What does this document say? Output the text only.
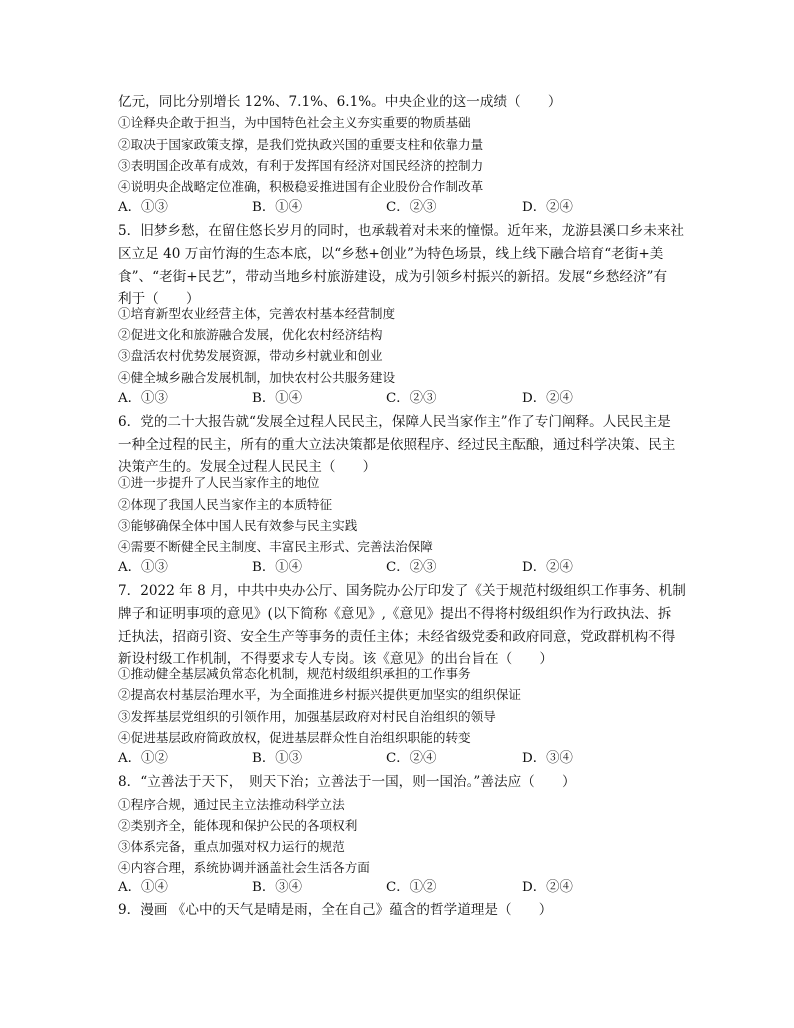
亿元，同比分别增长 12%、7.1%、6.1%。中央企业的这一成绩（　　）
①诠释央企敢于担当，为中国特色社会主义夯实重要的物质基础
②取决于国家政策支撑，是我们党执政兴国的重要支柱和依靠力量
③表明国企改革有成效，有利于发挥国有经济对国民经济的控制力
④说明央企战略定位准确，积极稳妥推进国有企业股份合作制改革
A．①③	B．①④	C．②③	D．②④
5．旧梦乡愁，在留住悠长岁月的同时，也承载着对未来的憧憬。近年来，龙游县溪口乡未来社
区立足 40 万亩竹海的生态本底，以“乡愁+创业”为特色场景，线上线下融合培育“老街+美
食”、“老街+民艺”，带动当地乡村旅游建设，成为引领乡村振兴的新招。发展“乡愁经济”有
利于（　　）
①培育新型农业经营主体，完善农村基本经营制度
②促进文化和旅游融合发展，优化农村经济结构
③盘活农村优势发展资源，带动乡村就业和创业
④健全城乡融合发展机制，加快农村公共服务建设
A．①③	B．①④	C．②③	D．②④
6．党的二十大报告就“发展全过程人民民主，保障人民当家作主”作了专门阐释。人民民主是
一种全过程的民主，所有的重大立法决策都是依照程序、经过民主酝酿，通过科学决策、民主
决策产生的。发展全过程人民民主（　　）
①进一步提升了人民当家作主的地位
②体现了我国人民当家作主的本质特征
③能够确保全体中国人民有效参与民主实践
④需要不断健全民主制度、丰富民主形式、完善法治保障
A．①③	B．①④	C．②③	D．②④
7．2022 年 8 月，中共中央办公厅、国务院办公厅印发了《关于规范村级组织工作事务、机制
牌子和证明事项的意见》(以下简称《意见》,《意见》提出不得将村级组织作为行政执法、拆
迁执法，招商引资、安全生产等事务的责任主体；未经省级党委和政府同意，党政群机构不得
新设村级工作机制，不得要求专人专岗。该《意见》的出台旨在（　　）
①推动健全基层减负常态化机制，规范村级组织承担的工作事务
②提高农村基层治理水平，为全面推进乡村振兴提供更加坚实的组织保证
③发挥基层党组织的引领作用，加强基层政府对村民自治组织的领导
④促进基层政府简政放权，促进基层群众性自治组织职能的转变
A．①②	B．①③	C．②④	D．③④
8．“立善法于天下，　则天下治；立善法于一国，则一国治。”善法应（　　）
①程序合规，通过民主立法推动科学立法
②类别齐全，能体现和保护公民的各项权利
③体系完备，重点加强对权力运行的规范
④内容合理，系统协调并涵盖社会生活各方面
A．①④	B．③④	C．①②	D．②④
9．漫画 《心中的天气是晴是雨，全在自己》蕴含的哲学道理是（　　）
